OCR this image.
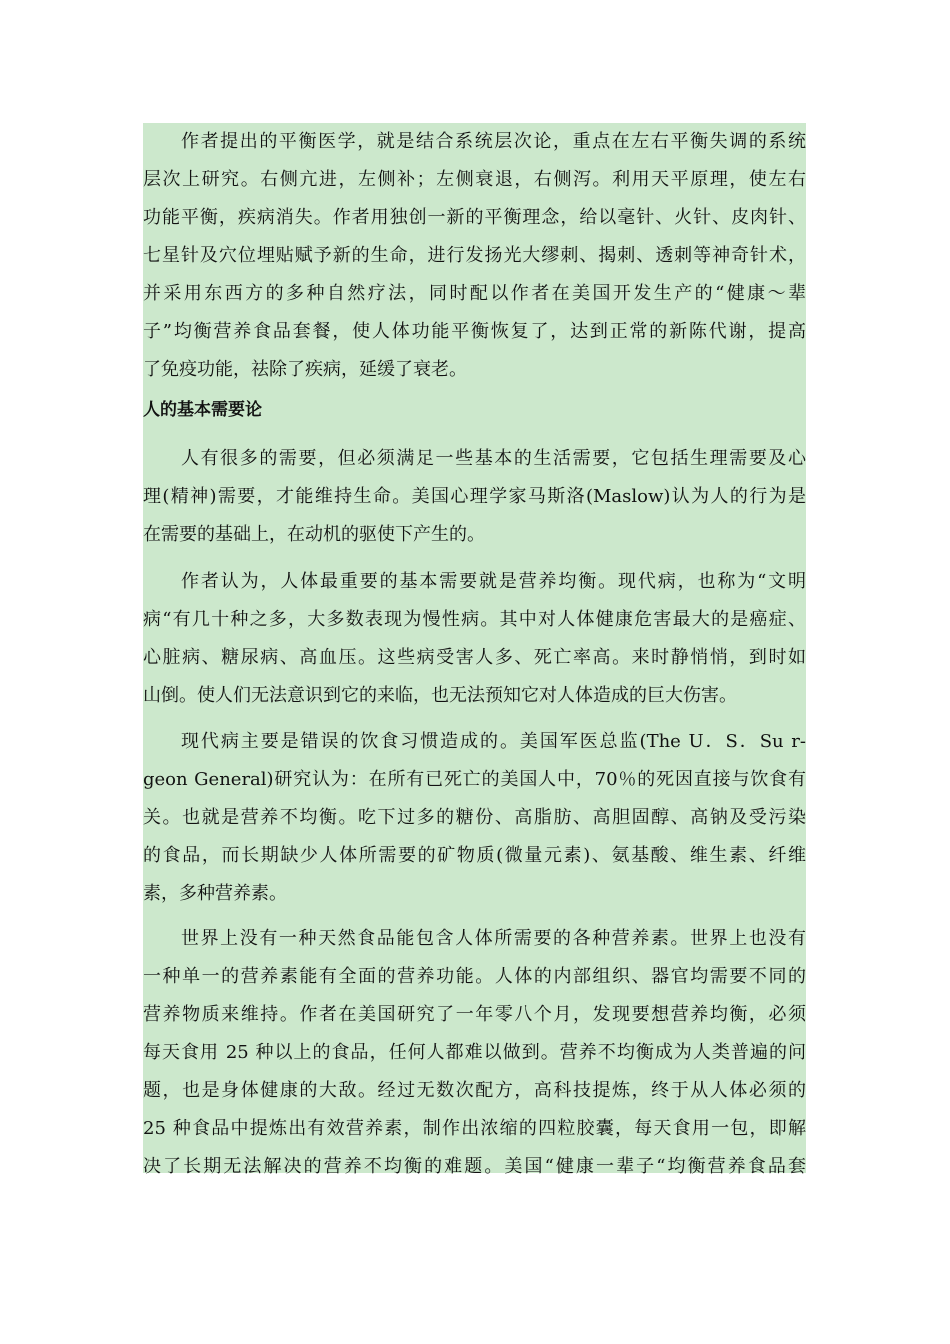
作者提出的平衡医学，就是结合系统层次论，重点在左右平衡失调的系统
层次上研究。右侧亢进，左侧补；左侧衰退，右侧泻。利用天平原理，使左右
功能平衡，疾病消失。作者用独创一新的平衡理念，给以毫针、火针、皮肉针、
七星针及穴位埋贴赋予新的生命，进行发扬光大缪刺、揭刺、透刺等神奇针术，
并采用东西方的多种自然疗法，同时配以作者在美国开发生产的“健康～辈
子”均衡营养食品套餐，使人体功能平衡恢复了，达到正常的新陈代谢，提高
了免疫功能，祛除了疾病，延缓了衰老。
人的基本需要论
人有很多的需要，但必须满足一些基本的生活需要，它包括生理需要及心
理(精神)需要，才能维持生命。美国心理学家马斯洛(Maslow)认为人的行为是
在需要的基础上，在动机的驱使下产生的。
作者认为，人体最重要的基本需要就是营养均衡。现代病，也称为“文明
病“有几十种之多，大多数表现为慢性病。其中对人体健康危害最大的是癌症、
心脏病、糖尿病、高血压。这些病受害人多、死亡率高。来时静悄悄，到时如
山倒。使人们无法意识到它的来临，也无法预知它对人体造成的巨大伤害。
现代病主要是错误的饮食习惯造成的。美国军医总监(The U．S．Su r-
geon General)研究认为：在所有已死亡的美国人中，70％的死因直接与饮食有
关。也就是营养不均衡。吃下过多的糖份、高脂肪、高胆固醇、高钠及受污染
的食品，而长期缺少人体所需要的矿物质(微量元素)、氨基酸、维生素、纤维
素，多种营养素。
世界上没有一种天然食品能包含人体所需要的各种营养素。世界上也没有
一种单一的营养素能有全面的营养功能。人体的内部组织、器官均需要不同的
营养物质来维持。作者在美国研究了一年零八个月，发现要想营养均衡，必须
每天食用 25 种以上的食品，任何人都难以做到。营养不均衡成为人类普遍的问
题，也是身体健康的大敌。经过无数次配方，高科技提炼，终于从人体必须的
25 种食品中提炼出有效营养素，制作出浓缩的四粒胶囊，每天食用一包，即解
决了长期无法解决的营养不均衡的难题。美国“健康一辈子“均衡营养食品套
